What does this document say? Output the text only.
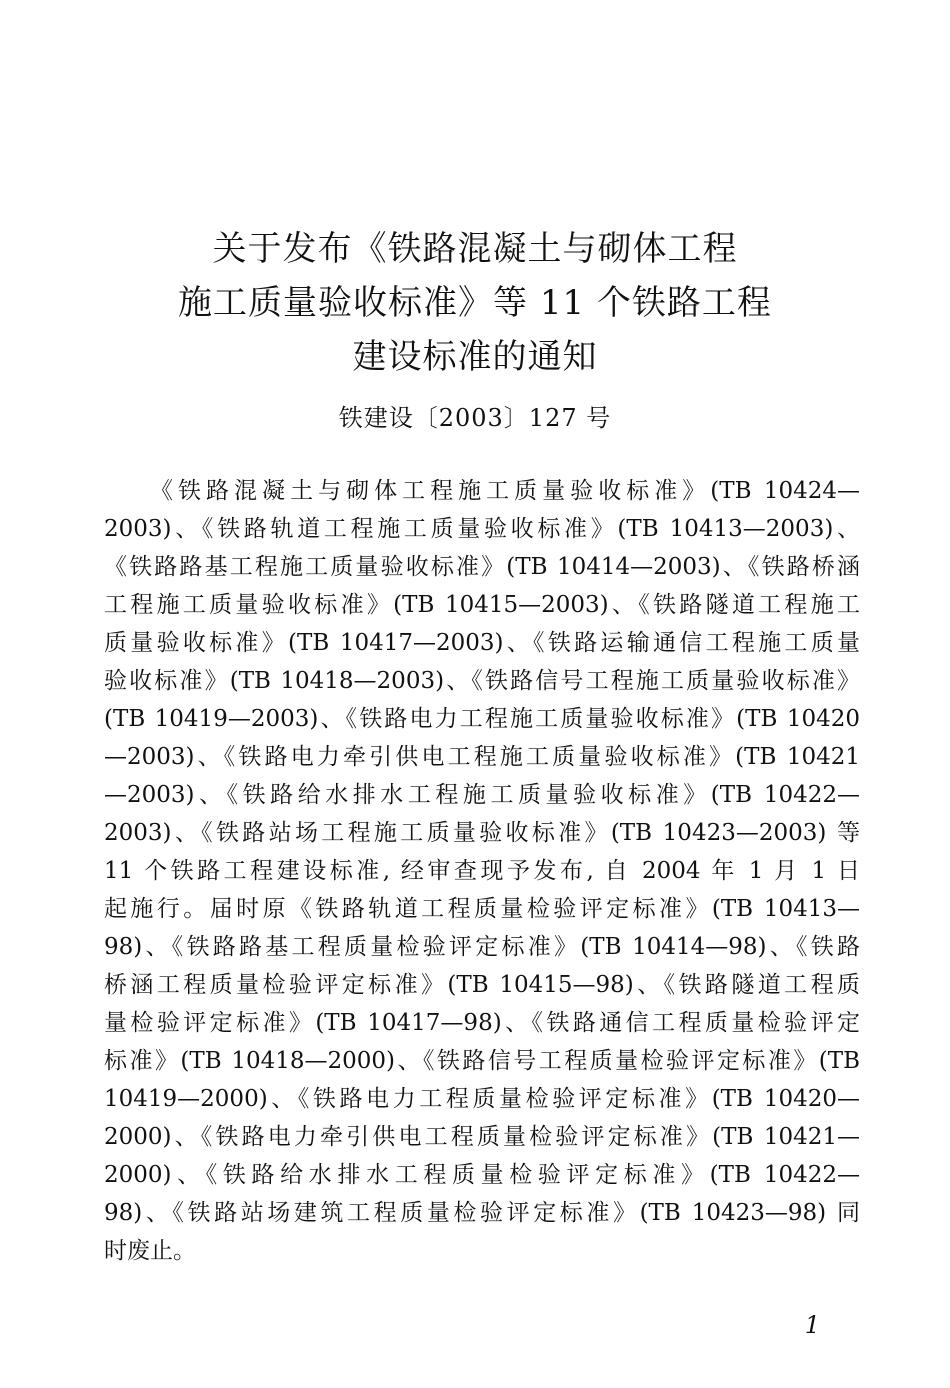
关于发布《铁路混凝土与砌体工程
施工质量验收标准》等 11 个铁路工程
建设标准的通知
铁建设〔2003〕127 号
《铁路混凝土与砌体工程施工质量验收标准》(TB 10424—
2003)、《铁路轨道工程施工质量验收标准》(TB 10413—2003)、
《铁路路基工程施工质量验收标准》(TB 10414—2003)、《铁路桥涵
工程施工质量验收标准》(TB 10415—2003)、《铁路隧道工程施工
质量验收标准》(TB 10417—2003)、《铁路运输通信工程施工质量
验收标准》(TB 10418—2003)、《铁路信号工程施工质量验收标准》
(TB 10419—2003)、《铁路电力工程施工质量验收标准》(TB 10420
—2003)、《铁路电力牵引供电工程施工质量验收标准》(TB 10421
—2003)、《铁路给水排水工程施工质量验收标准》(TB 10422—
2003)、《铁路站场工程施工质量验收标准》(TB 10423—2003) 等
11 个铁路工程建设标准, 经审查现予发布, 自 2004 年 1 月 1 日
起施行。届时原《铁路轨道工程质量检验评定标准》(TB 10413—
98)、《铁路路基工程质量检验评定标准》(TB 10414—98)、《铁路
桥涵工程质量检验评定标准》(TB 10415—98)、《铁路隧道工程质
量检验评定标准》(TB 10417—98)、《铁路通信工程质量检验评定
标准》(TB 10418—2000)、《铁路信号工程质量检验评定标准》(TB
10419—2000)、《铁路电力工程质量检验评定标准》(TB 10420—
2000)、《铁路电力牵引供电工程质量检验评定标准》(TB 10421—
2000)、《铁路给水排水工程质量检验评定标准》(TB 10422—
98)、《铁路站场建筑工程质量检验评定标准》(TB 10423—98) 同
时废止。
1
